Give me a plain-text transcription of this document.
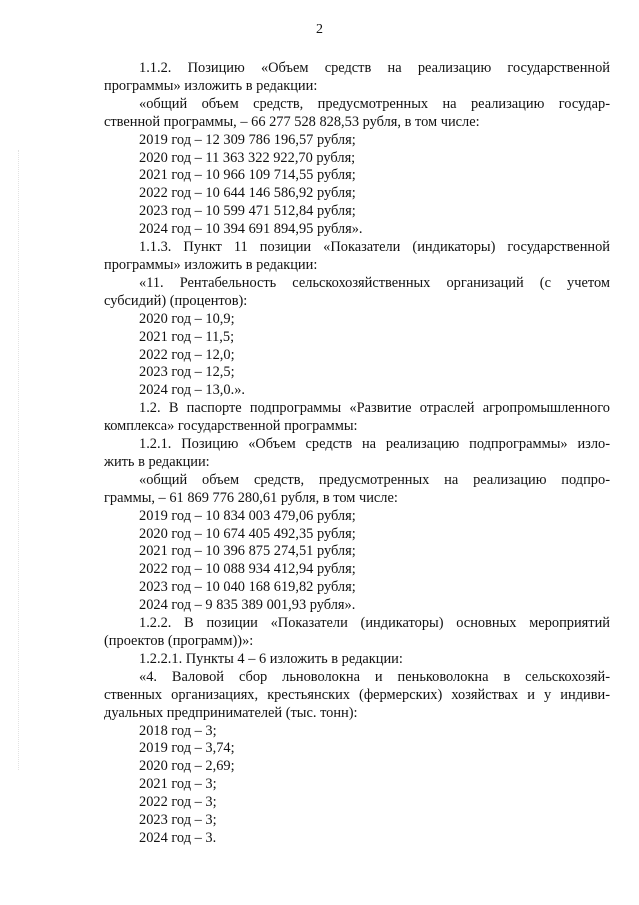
2

1.1.2. Позицию «Объем средств на реализацию государственной

программы» изложить в редакции:

«общий объем средств, предусмотренных на реализацию государ-

ственной программы, – 66 277 528 828,53 рубля, в том числе:

2019 год – 12 309 786 196,57 рубля;

2020 год – 11 363 322 922,70 рубля;

2021 год – 10 966 109 714,55 рубля;

2022 год – 10 644 146 586,92 рубля;

2023 год – 10 599 471 512,84 рубля;

2024 год – 10 394 691 894,95 рубля».

1.1.3. Пункт 11 позиции «Показатели (индикаторы) государственной

программы» изложить в редакции:

«11. Рентабельность сельскохозяйственных организаций (с учетом

субсидий) (процентов):

2020 год – 10,9;

2021 год – 11,5;

2022 год – 12,0;

2023 год – 12,5;

2024 год – 13,0.».

1.2. В паспорте подпрограммы «Развитие отраслей агропромышленного

комплекса» государственной программы:

1.2.1. Позицию «Объем средств на реализацию подпрограммы» изло-

жить в редакции:

«общий объем средств, предусмотренных на реализацию подпро-

граммы, – 61 869 776 280,61 рубля, в том числе:

2019 год – 10 834 003 479,06 рубля;

2020 год – 10 674 405 492,35 рубля;

2021 год – 10 396 875 274,51 рубля;

2022 год – 10 088 934 412,94 рубля;

2023 год – 10 040 168 619,82 рубля;

2024 год – 9 835 389 001,93 рубля».

1.2.2. В позиции «Показатели (индикаторы) основных мероприятий

(проектов (программ))»:

1.2.2.1. Пункты 4 – 6 изложить в редакции:

«4. Валовой сбор льноволокна и пеньковолокна в сельскохозяй-

ственных организациях, крестьянских (фермерских) хозяйствах и у индиви-

дуальных предпринимателей (тыс. тонн):

2018 год – 3;

2019 год – 3,74;

2020 год – 2,69;

2021 год – 3;

2022 год – 3;

2023 год – 3;

2024 год – 3.
